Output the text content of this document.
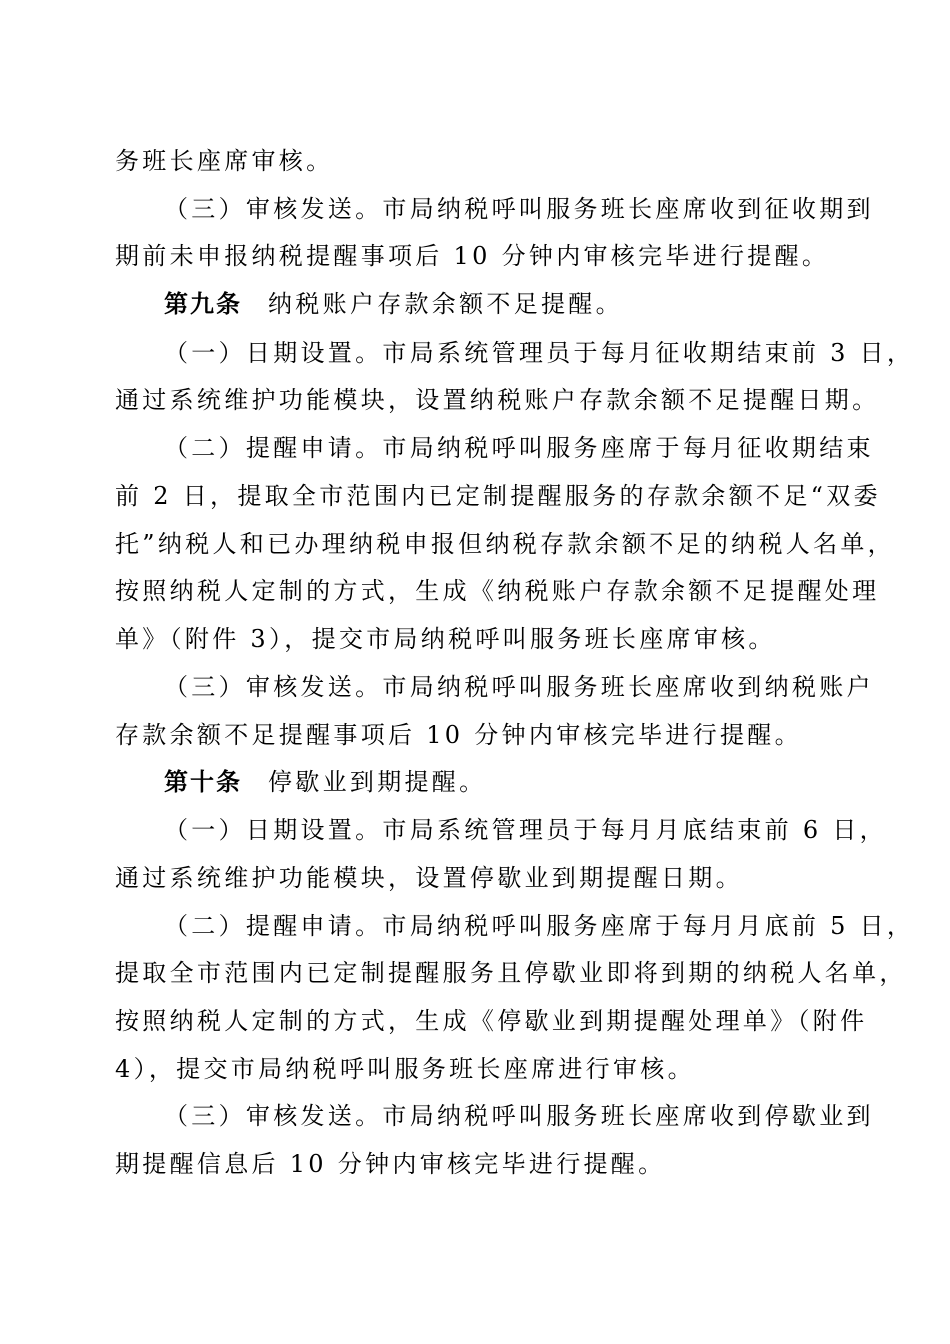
务班长座席审核。
（三）审核发送。市局纳税呼叫服务班长座席收到征收期到
期前未申报纳税提醒事项后 10 分钟内审核完毕进行提醒。
第九条 纳税账户存款余额不足提醒。
（一）日期设置。市局系统管理员于每月征收期结束前 3 日，
通过系统维护功能模块，设置纳税账户存款余额不足提醒日期。
（二）提醒申请。市局纳税呼叫服务座席于每月征收期结束
前 2 日，提取全市范围内已定制提醒服务的存款余额不足“双委
托”纳税人和已办理纳税申报但纳税存款余额不足的纳税人名单，
按照纳税人定制的方式，生成《纳税账户存款余额不足提醒处理
单》（附件 3），提交市局纳税呼叫服务班长座席审核。
（三）审核发送。市局纳税呼叫服务班长座席收到纳税账户
存款余额不足提醒事项后 10 分钟内审核完毕进行提醒。
第十条 停歇业到期提醒。
（一）日期设置。市局系统管理员于每月月底结束前 6 日，
通过系统维护功能模块，设置停歇业到期提醒日期。
（二）提醒申请。市局纳税呼叫服务座席于每月月底前 5 日，
提取全市范围内已定制提醒服务且停歇业即将到期的纳税人名单，
按照纳税人定制的方式，生成《停歇业到期提醒处理单》（附件
4），提交市局纳税呼叫服务班长座席进行审核。
（三）审核发送。市局纳税呼叫服务班长座席收到停歇业到
期提醒信息后 10 分钟内审核完毕进行提醒。
